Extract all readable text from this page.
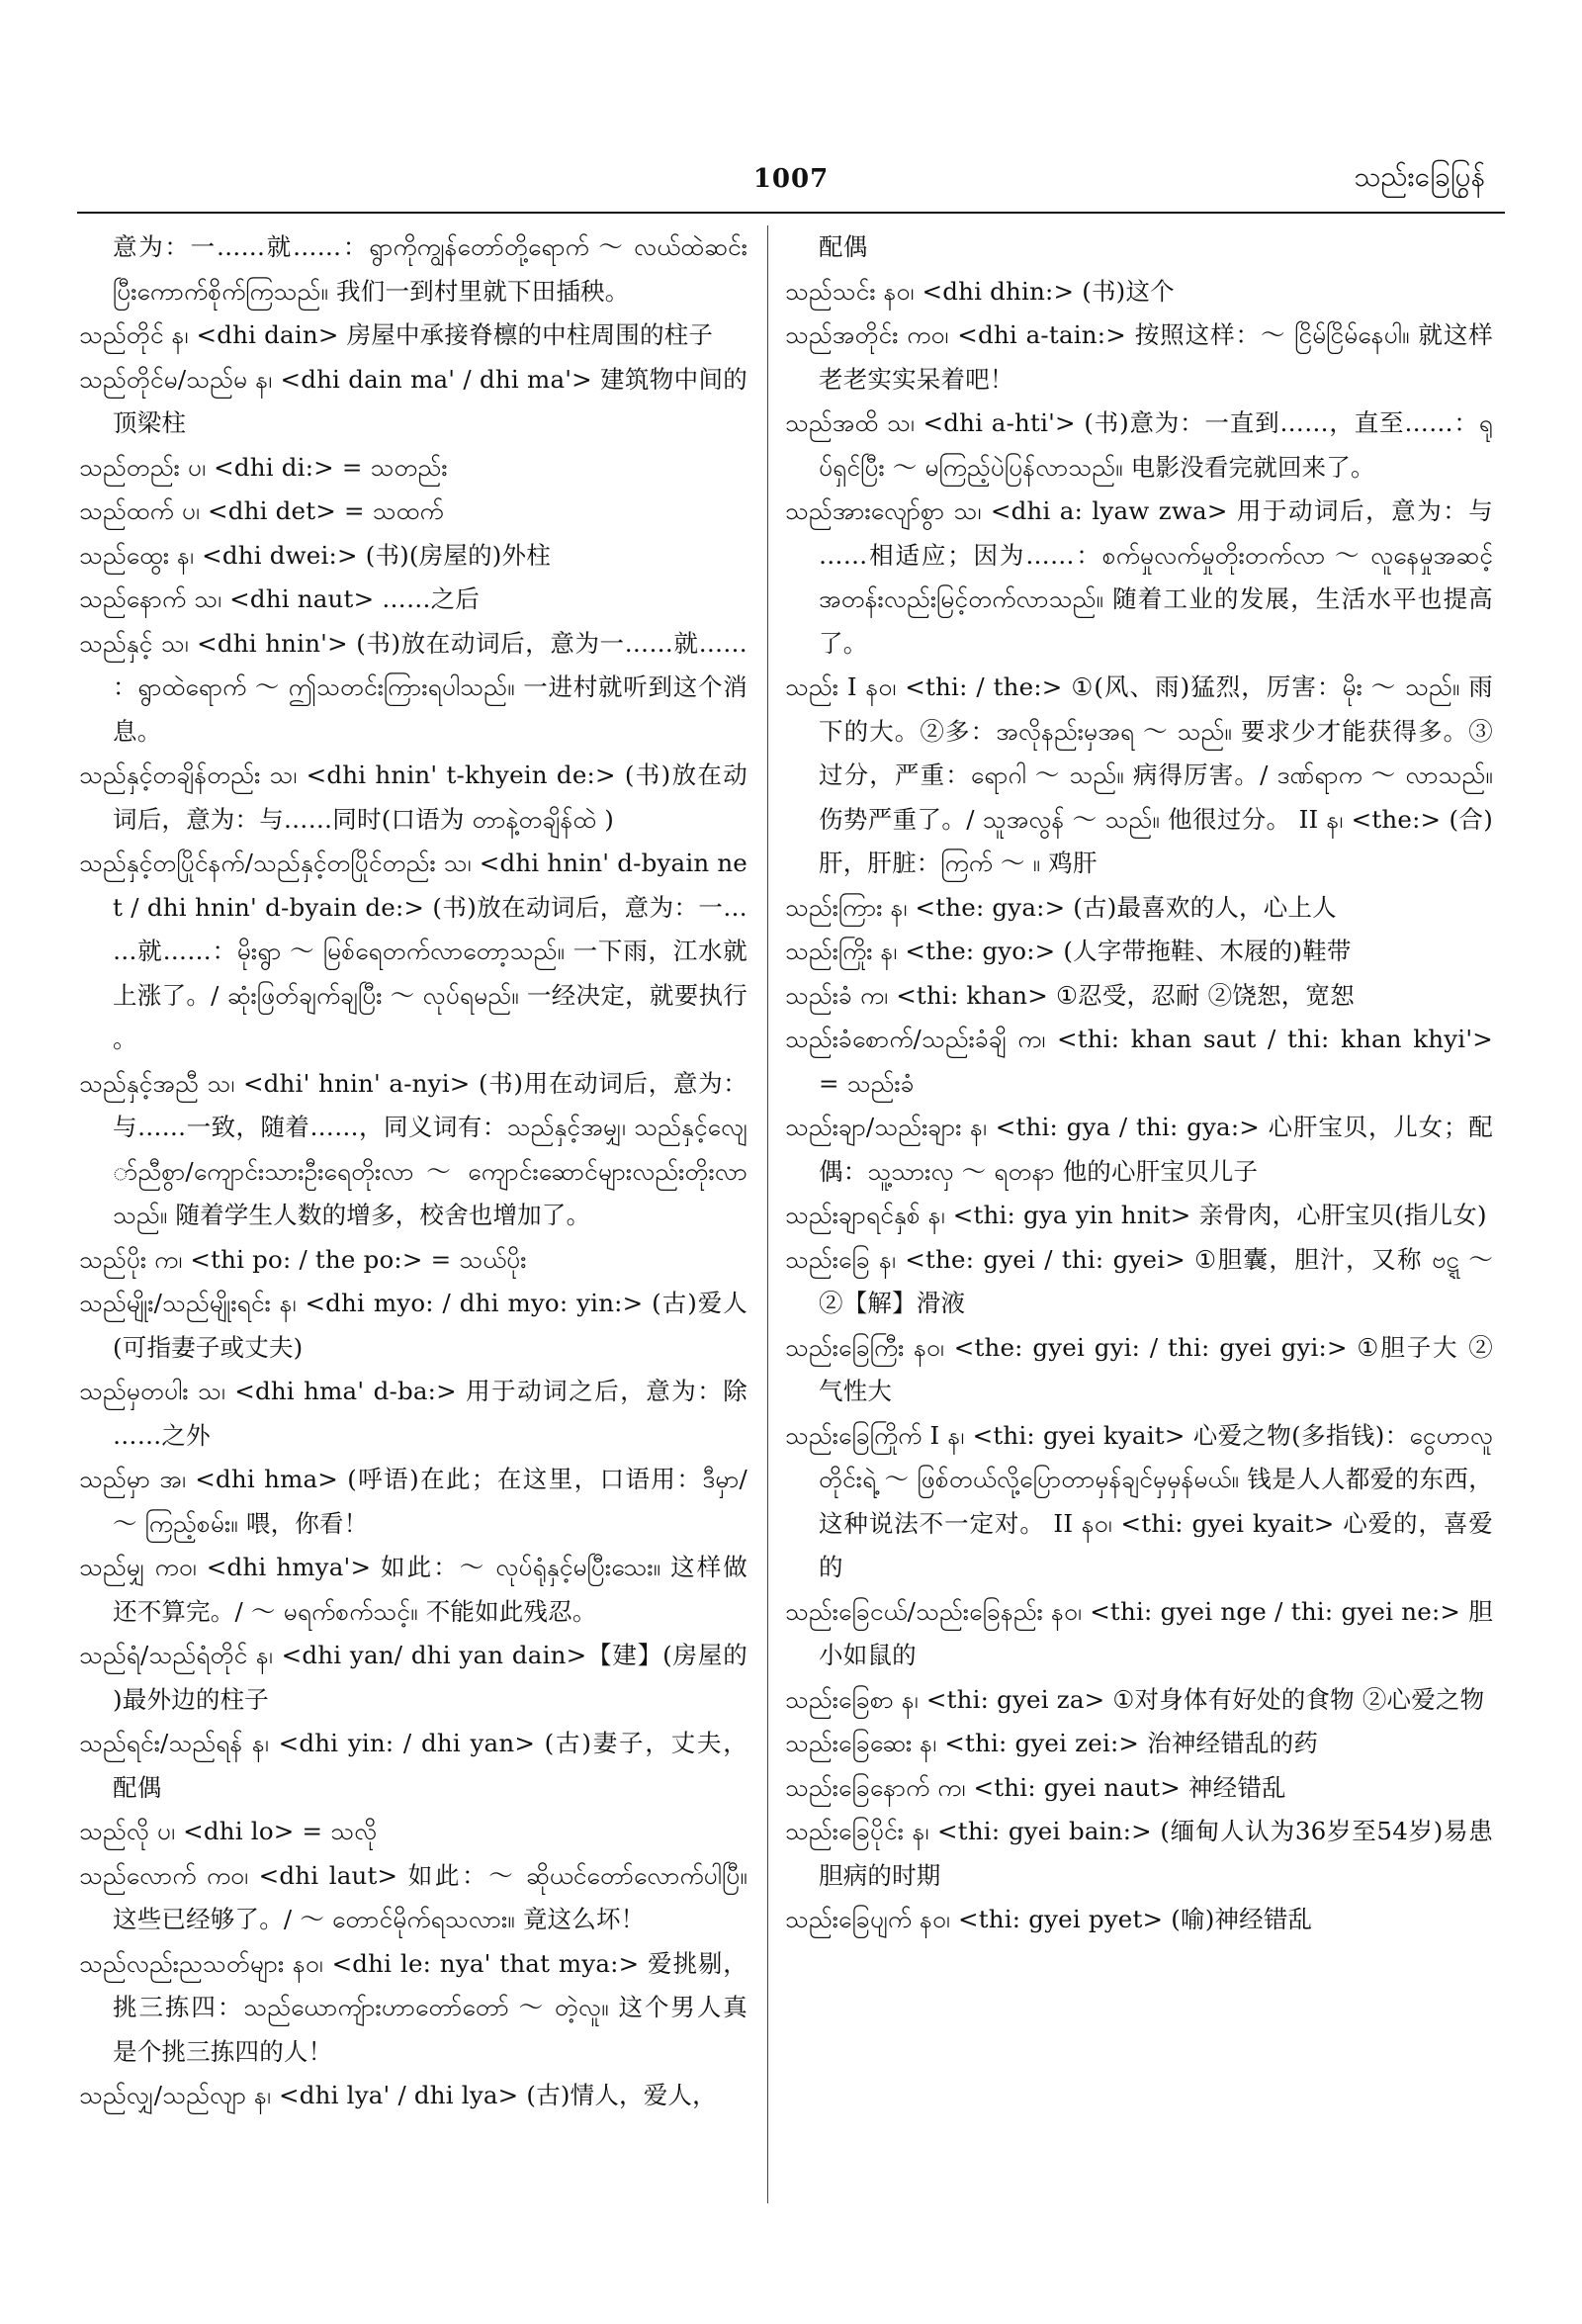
1007	သည်းခြေပြွန်

意为：一……就……：ရွာကိုကျွန်တော်တို့ရောက် ～ လယ်ထဲဆင်းပြီးကောက်စိုက်ကြသည်။ 我们一到村里就下田插秧。

သည်တိုင် န၊ <dhi dain> 房屋中承接脊檩的中柱周围的柱子

သည်တိုင်မ/သည်မ န၊ <dhi dain ma' / dhi ma'> 建筑物中间的顶梁柱

သည်တည်း ပ၊ <dhi di:> = သတည်း

သည်ထက် ပ၊ <dhi det> = သထက်

သည်ထွေး န၊ <dhi dwei:> (书)(房屋的)外柱

သည်နောက် သ၊ <dhi naut> ……之后

သည်နှင့် သ၊ <dhi hnin'> (书)放在动词后，意为一……就……：ရွာထဲရောက် ～ ဤသတင်းကြားရပါသည်။ 一进村就听到这个消息。

သည်နှင့်တချိန်တည်း သ၊ <dhi hnin' t-khyein de:> (书)放在动词后，意为：与……同时(口语为 တာနဲ့တချိန်ထဲ )

သည်နှင့်တပြိုင်နက်/သည်နှင့်တပြိုင်တည်း သ၊ <dhi hnin' d-byain net / dhi hnin' d-byain de:> (书)放在动词后，意为：一……就……：မိုးရွာ ～ မြစ်ရေတက်လာတော့သည်။ 一下雨，江水就上涨了。/ ဆုံးဖြတ်ချက်ချပြီး ～ လုပ်ရမည်။ 一经决定，就要执行。

သည်နှင့်အညီ သ၊ <dhi' hnin' a-nyi> (书)用在动词后，意为：与……一致，随着……，同义词有：သည်နှင့်အမျှ၊ သည်နှင့်လျော်ညီစွာ/ကျောင်းသားဦးရေတိုးလာ ～ ကျောင်းဆောင်များလည်းတိုးလာသည်။ 随着学生人数的增多，校舍也增加了。

သည်ပိုး က၊ <thi po: / the po:> = သယ်ပိုး

သည်မျိုး/သည်မျိုးရင်း န၊ <dhi myo: / dhi myo: yin:> (古)爱人(可指妻子或丈夫)

သည်မှတပါး သ၊ <dhi hma' d-ba:> 用于动词之后，意为：除……之外

သည်မှာ အ၊ <dhi hma> (呼语)在此；在这里，口语用：ဒီမှာ/ ～ ကြည့်စမ်း။ 喂，你看！

သည်မျှ ကဝ၊ <dhi hmya'> 如此：～ လုပ်ရုံနှင့်မပြီးသေး။ 这样做还不算完。/ ～ မရက်စက်သင့်။ 不能如此残忍。

သည်ရံ/သည်ရံတိုင် န၊ <dhi yan/ dhi yan dain>【建】(房屋的)最外边的柱子

သည်ရင်း/သည်ရန် န၊ <dhi yin: / dhi yan> (古)妻子，丈夫，配偶

သည်လို ပ၊ <dhi lo> = သလို

သည်လောက် ကဝ၊ <dhi laut> 如此：～ ဆိုယင်တော်လောက်ပါပြီ။ 这些已经够了。/ ～ တောင်မိုက်ရသလား။ 竟这么坏！

သည်လည်းညသတ်များ နဝ၊ <dhi le: nya' that mya:> 爱挑剔，挑三拣四：သည်ယောကျ်ားဟာတော်တော် ～ တဲ့လူ။ 这个男人真是个挑三拣四的人！

သည်လျှ/သည်လျာ န၊ <dhi lya' / dhi lya> (古)情人，爱人，

配偶

သည်သင်း နဝ၊ <dhi dhin:> (书)这个

သည်အတိုင်း ကဝ၊ <dhi a-tain:> 按照这样：～ ငြိမ်ငြိမ်နေပါ။ 就这样老老实实呆着吧！

သည်အထိ သ၊ <dhi a-hti'> (书)意为：一直到……，直至……：ရုပ်ရှင်ပြီး ～ မကြည့်ပဲပြန်လာသည်။ 电影没看完就回来了。

သည်အားလျော်စွာ သ၊ <dhi a: lyaw zwa> 用于动词后，意为：与……相适应；因为……：စက်မှုလက်မှုတိုးတက်လာ ～ လူနေမှုအဆင့်အတန်းလည်းမြင့်တက်လာသည်။ 随着工业的发展，生活水平也提高了。

သည်း I နဝ၊ <thi: / the:> ①(风、雨)猛烈，厉害：မိုး ～ သည်။ 雨下的大。②多：အလိုနည်းမှအရ ～ သည်။ 要求少才能获得多。③过分，严重：ရောဂါ ～ သည်။ 病得厉害。/ ဒဏ်ရာက ～ လာသည်။ 伤势严重了。/ သူအလွန် ～ သည်။ 他很过分。 II န၊ <the:> (合)肝，肝脏：ကြက် ～ ။ 鸡肝

သည်းကြား န၊ <the: gya:> (古)最喜欢的人，心上人

သည်းကြိုး န၊ <the: gyo:> (人字带拖鞋、木屐的)鞋带

သည်းခံ က၊ <thi: khan> ①忍受，忍耐 ②饶恕，宽恕

သည်းခံစောက်/သည်းခံချိ က၊ <thi: khan saut / thi: khan khyi'> = သည်းခံ

သည်းချာ/သည်းချား န၊ <thi: gya / thi: gya:> 心肝宝贝，儿女；配偶：သူ့သားလှ ～ ရတနာ 他的心肝宝贝儿子

သည်းချာရင်နှစ် န၊ <thi: gya yin hnit> 亲骨肉，心肝宝贝(指儿女)

သည်းခြေ န၊ <the: gyei / thi: gyei> ①胆囊，胆汁，又称 ဗဋ္ဋ ～ ②【解】滑液

သည်းခြေကြီး နဝ၊ <the: gyei gyi: / thi: gyei gyi:> ①胆子大 ②气性大

သည်းခြေကြိုက် I န၊ <thi: gyei kyait> 心爱之物(多指钱)：ငွေဟာလူတိုင်းရဲ့ ～ ဖြစ်တယ်လို့ပြောတာမှန်ချင်မှမှန်မယ်။ 钱是人人都爱的东西，这种说法不一定对。 II နဝ၊ <thi: gyei kyait> 心爱的，喜爱的

သည်းခြေငယ်/သည်းခြေနည်း နဝ၊ <thi: gyei nge / thi: gyei ne:> 胆小如鼠的

သည်းခြေစာ န၊ <thi: gyei za> ①对身体有好处的食物 ②心爱之物

သည်းခြေဆေး န၊ <thi: gyei zei:> 治神经错乱的药

သည်းခြေနောက် က၊ <thi: gyei naut> 神经错乱

သည်းခြေပိုင်း န၊ <thi: gyei bain:> (缅甸人认为36岁至54岁)易患胆病的时期

သည်းခြေပျက် နဝ၊ <thi: gyei pyet> (喻)神经错乱
